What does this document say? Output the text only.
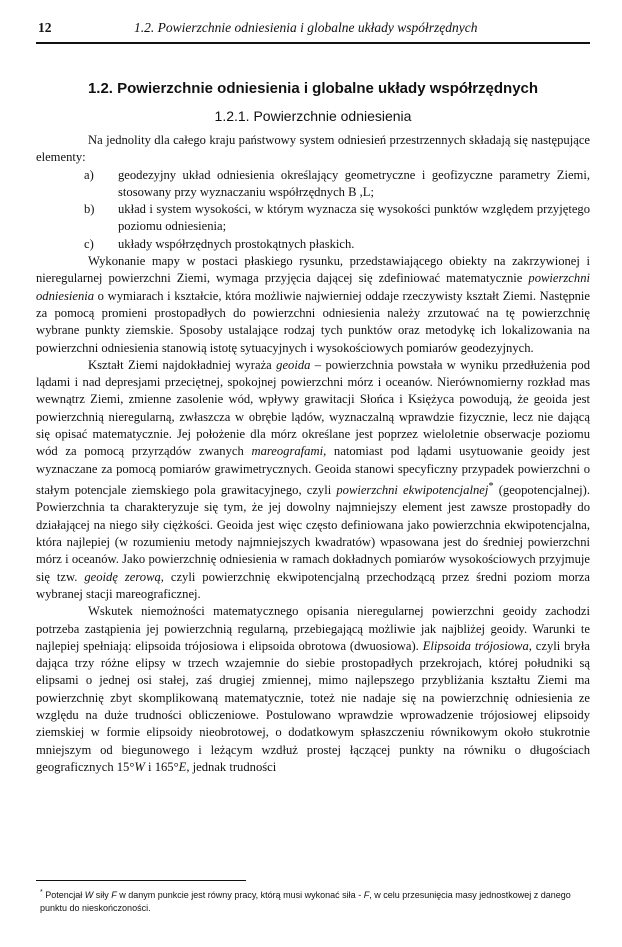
12	1.2. Powierzchnie odniesienia i globalne układy współrzędnych
1.2. Powierzchnie odniesienia i globalne układy współrzędnych
1.2.1. Powierzchnie odniesienia

Na jednolity dla całego kraju państwowy system odniesień przestrzennych składają się następujące elementy:

a) geodezyjny układ odniesienia określający geometryczne i geofizyczne parametry Ziemi, stosowany przy wyznaczaniu współrzędnych B ,L;
b) układ i system wysokości, w którym wyznacza się wysokości punktów względem przyjętego poziomu odniesienia;
c) układy współrzędnych prostokątnych płaskich.

Wykonanie mapy w postaci płaskiego rysunku, przedstawiającego obiekty na zakrzywionej i nieregularnej powierzchni Ziemi, wymaga przyjęcia dającej się zdefiniować matematycznie powierzchni odniesienia o wymiarach i kształcie, która możliwie najwierniej oddaje rzeczywisty kształt Ziemi. Następnie za pomocą promieni prostopadłych do powierzchni odniesienia należy zrzutować na tę powierzchnię wybrane punkty ziemskie. Sposoby ustalające rodzaj tych punktów oraz metodykę ich lokalizowania na powierzchni odniesienia stanowią istotę sytuacyjnych i wysokościowych pomiarów geodezyjnych.

Kształt Ziemi najdokładniej wyraża geoida – powierzchnia powstała w wyniku przedłużenia pod lądami i nad depresjami przeciętnej, spokojnej powierzchni mórz i oceanów. Nierównomierny rozkład mas wewnątrz Ziemi, zmienne zasolenie wód, wpływy grawitacji Słońca i Księżyca powodują, że geoida jest powierzchnią nieregularną, zwłaszcza w obrębie lądów, wyznaczalną wprawdzie fizycznie, lecz nie dającą się opisać matematycznie. Jej położenie dla mórz określane jest poprzez wieloletnie obserwacje poziomu wód za pomocą przyrządów zwanych mareografami, natomiast pod lądami usytuowanie geoidy jest wyznaczane za pomocą pomiarów grawimetrycznych. Geoida stanowi specyficzny przypadek powierzchni o stałym potencjale ziemskiego pola grawitacyjnego, czyli powierzchni ekwipotencjalnej* (geopotencjalnej). Powierzchnia ta charakteryzuje się tym, że jej dowolny najmniejszy element jest zawsze prostopadły do działającej na niego siły ciężkości. Geoida jest więc często definiowana jako powierzchnia ekwipotencjalna, która najlepiej (w rozumieniu metody najmniejszych kwadratów) wpasowana jest do średniej powierzchni mórz i oceanów. Jako powierzchnię odniesienia w ramach dokładnych pomiarów wysokościowych przyjmuje się tzw. geoidę zerową, czyli powierzchnię ekwipotencjalną przechodzącą przez średni poziom morza wybranej stacji mareograficznej.

Wskutek niemożności matematycznego opisania nieregularnej powierzchni geoidy zachodzi potrzeba zastąpienia jej powierzchnią regularną, przebiegającą możliwie jak najbliżej geoidy. Warunki te najlepiej spełniają: elipsoida trójosiowa i elipsoida obrotowa (dwuosiowa). Elipsoida trójosiowa, czyli bryła dająca trzy różne elipsy w trzech wzajemnie do siebie prostopadłych przekrojach, której południki są elipsami o jednej osi stałej, zaś drugiej zmiennej, mimo najlepszego przybliżania kształtu Ziemi ma powierzchnię zbyt skomplikowaną matematycznie, toteż nie nadaje się na powierzchnię odniesienia ze względu na duże trudności obliczeniowe. Postulowano wprawdzie wprowadzenie trójosiowej elipsoidy ziemskiej w formie elipsoidy nieobrotowej, o dodatkowym spłaszczeniu równikowym około stukrotnie mniejszym od biegunowego i leżącym wzdłuż prostej łączącej punkty na równiku o długościach geograficznych 15°W i 165°E, jednak trudności

* Potencjał W siły F w danym punkcie jest równy pracy, którą musi wykonać siła - F, w celu przesunięcia masy jednostkowej z danego punktu do nieskończoności.
